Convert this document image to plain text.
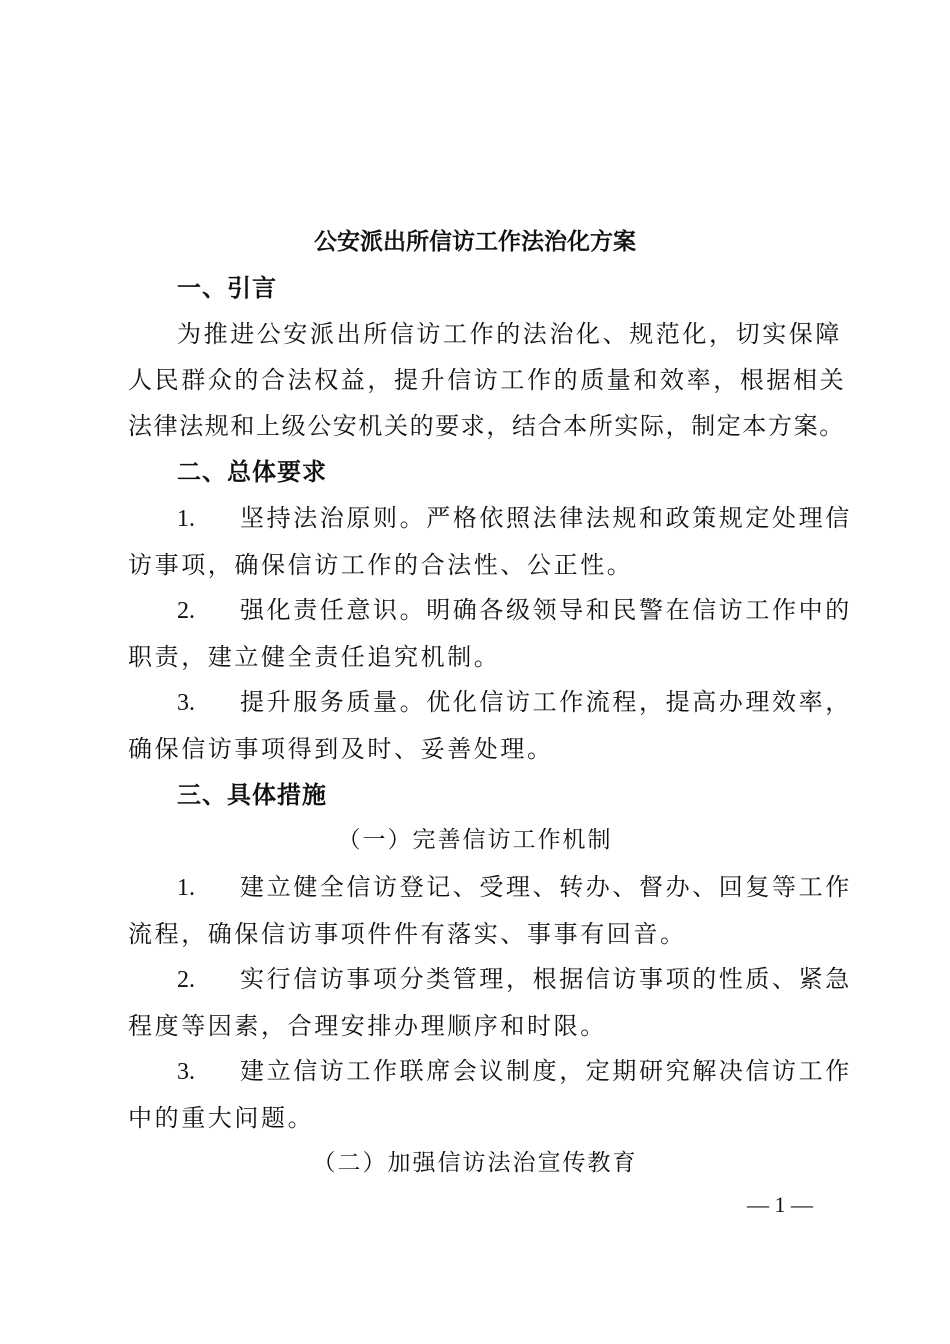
公安派出所信访工作法治化方案
一、引言
为推进公安派出所信访工作的法治化、规范化，切实保障
人民群众的合法权益，提升信访工作的质量和效率，根据相关
法律法规和上级公安机关的要求，结合本所实际，制定本方案。
二、总体要求
1. 坚持法治原则。严格依照法律法规和政策规定处理信
访事项，确保信访工作的合法性、公正性。
2. 强化责任意识。明确各级领导和民警在信访工作中的
职责，建立健全责任追究机制。
3. 提升服务质量。优化信访工作流程，提高办理效率，
确保信访事项得到及时、妥善处理。
三、具体措施
（一）完善信访工作机制
1. 建立健全信访登记、受理、转办、督办、回复等工作
流程，确保信访事项件件有落实、事事有回音。
2. 实行信访事项分类管理，根据信访事项的性质、紧急
程度等因素，合理安排办理顺序和时限。
3. 建立信访工作联席会议制度，定期研究解决信访工作
中的重大问题。
（二）加强信访法治宣传教育
— 1 —
